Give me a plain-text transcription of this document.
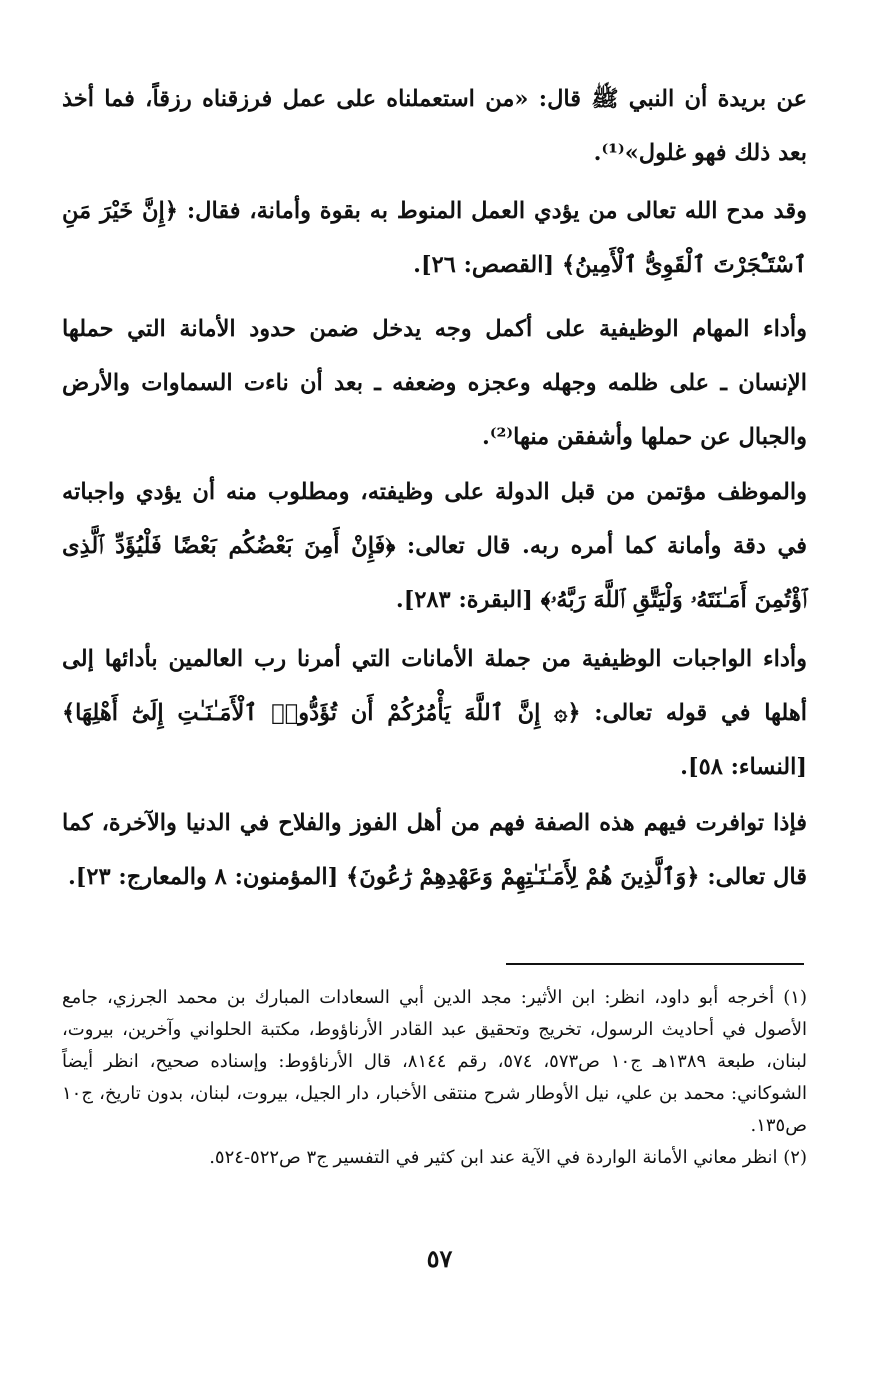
عن بريدة أن النبي ﷺ قال: «من استعملناه على عمل فرزقناه رزقاً، فما أخذ بعد ذلك فهو غلول»⁽¹⁾.

وقد مدح الله تعالى من يؤدي العمل المنوط به بقوة وأمانة، فقال: ﴿إِنَّ خَيْرَ مَنِ ٱسْتَـْٔجَرْتَ ٱلْقَوِىُّ ٱلْأَمِينُ﴾ [القصص: ٢٦].

وأداء المهام الوظيفية على أكمل وجه يدخل ضمن حدود الأمانة التي حملها الإنسان ـ على ظلمه وجهله وعجزه وضعفه ـ بعد أن ناءت السماوات والأرض والجبال عن حملها وأشفقن منها⁽²⁾.

والموظف مؤتمن من قبل الدولة على وظيفته، ومطلوب منه أن يؤدي واجباته في دقة وأمانة كما أمره ربه. قال تعالى: ﴿فَإِنْ أَمِنَ بَعْضُكُم بَعْضًا فَلْيُؤَدِّ ٱلَّذِى ٱؤْتُمِنَ أَمَـٰنَتَهُۥ وَلْيَتَّقِ ٱللَّهَ رَبَّهُۥ﴾ [البقرة: ٢٨٣].

وأداء الواجبات الوظيفية من جملة الأمانات التي أمرنا رب العالمين بأدائها إلى أهلها في قوله تعالى: ﴿۞ إِنَّ ٱللَّهَ يَأْمُرُكُمْ أَن تُؤَدُّوا۟ ٱلْأَمَـٰنَـٰتِ إِلَىٰٓ أَهْلِهَا﴾ [النساء: ٥٨].

فإذا توافرت فيهم هذه الصفة فهم من أهل الفوز والفلاح في الدنيا والآخرة، كما قال تعالى: ﴿وَٱلَّذِينَ هُمْ لِأَمَـٰنَـٰتِهِمْ وَعَهْدِهِمْ رَٰعُونَ﴾ [المؤمنون: ٨ والمعارج: ٢٣].

(١) أخرجه أبو داود، انظر: ابن الأثير: مجد الدين أبي السعادات المبارك بن محمد الجرزي، جامع الأصول في أحاديث الرسول، تخريج وتحقيق عبد القادر الأرناؤوط، مكتبة الحلواني وآخرين، بيروت، لبنان، طبعة ١٣٨٩هـ ج١٠ ص٥٧٣، ٥٧٤، رقم ٨١٤٤، قال الأرناؤوط: وإسناده صحيح، انظر أيضاً الشوكاني: محمد بن علي، نيل الأوطار شرح منتقى الأخبار، دار الجيل، بيروت، لبنان، بدون تاريخ، ج١٠ ص١٣٥.

(٢) انظر معاني الأمانة الواردة في الآية عند ابن كثير في التفسير ج٣ ص٥٢٢-٥٢٤.

٥٧
